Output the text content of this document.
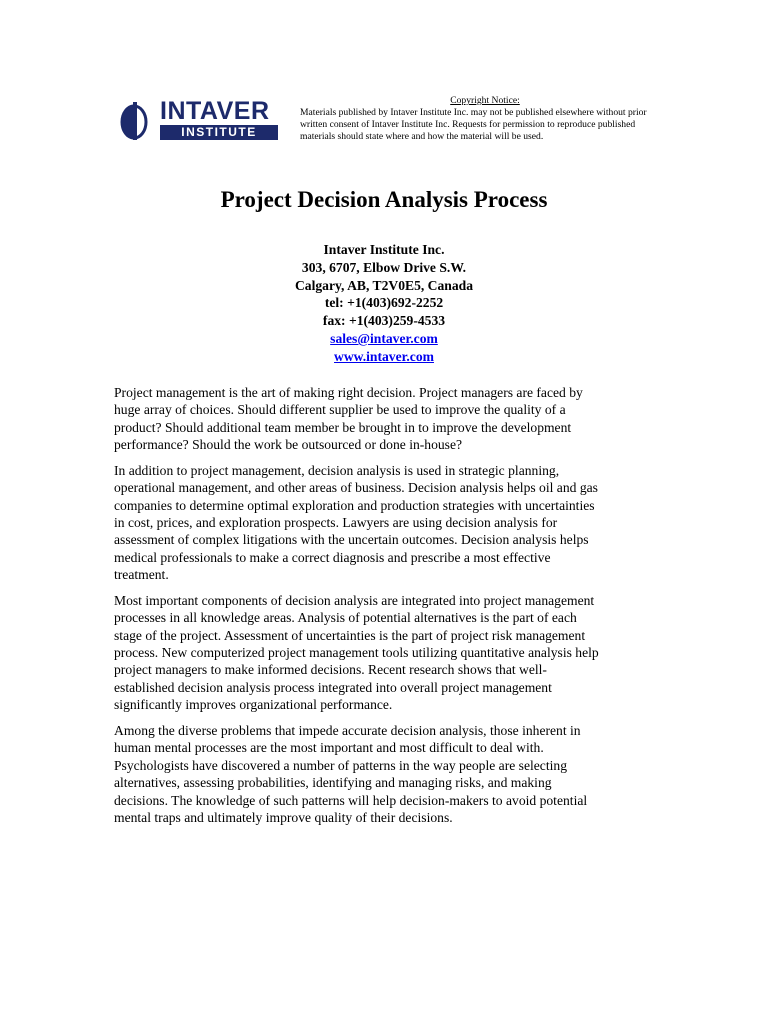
INTAVER
INSTITUTE
Copyright Notice:
Materials published by Intaver Institute Inc. may not be published elsewhere without prior
written consent of Intaver Institute Inc. Requests for permission to reproduce published
materials should state where and how the material will be used.
Project Decision Analysis Process
Intaver Institute Inc.
303, 6707, Elbow Drive S.W.
Calgary, AB, T2V0E5, Canada
tel: +1(403)692-2252
fax: +1(403)259-4533
sales@intaver.com
www.intaver.com

Project management is the art of making right decision. Project managers are faced by
huge array of choices. Should different supplier be used to improve the quality of a
product? Should additional team member be brought in to improve the development
performance? Should the work be outsourced or done in-house?

In addition to project management, decision analysis is used in strategic planning,
operational management, and other areas of business. Decision analysis helps oil and gas
companies to determine optimal exploration and production strategies with uncertainties
in cost, prices, and exploration prospects. Lawyers are using decision analysis for
assessment of complex litigations with the uncertain outcomes. Decision analysis helps
medical professionals to make a correct diagnosis and prescribe a most effective
treatment.

Most important components of decision analysis are integrated into project management
processes in all knowledge areas. Analysis of potential alternatives is the part of each
stage of the project. Assessment of uncertainties is the part of project risk management
process. New computerized project management tools utilizing quantitative analysis help
project managers to make informed decisions. Recent research shows that well-
established decision analysis process integrated into overall project management
significantly improves organizational performance.

Among the diverse problems that impede accurate decision analysis, those inherent in
human mental processes are the most important and most difficult to deal with.
Psychologists have discovered a number of patterns in the way people are selecting
alternatives, assessing probabilities, identifying and managing risks, and making
decisions. The knowledge of such patterns will help decision-makers to avoid potential
mental traps and ultimately improve quality of their decisions.
